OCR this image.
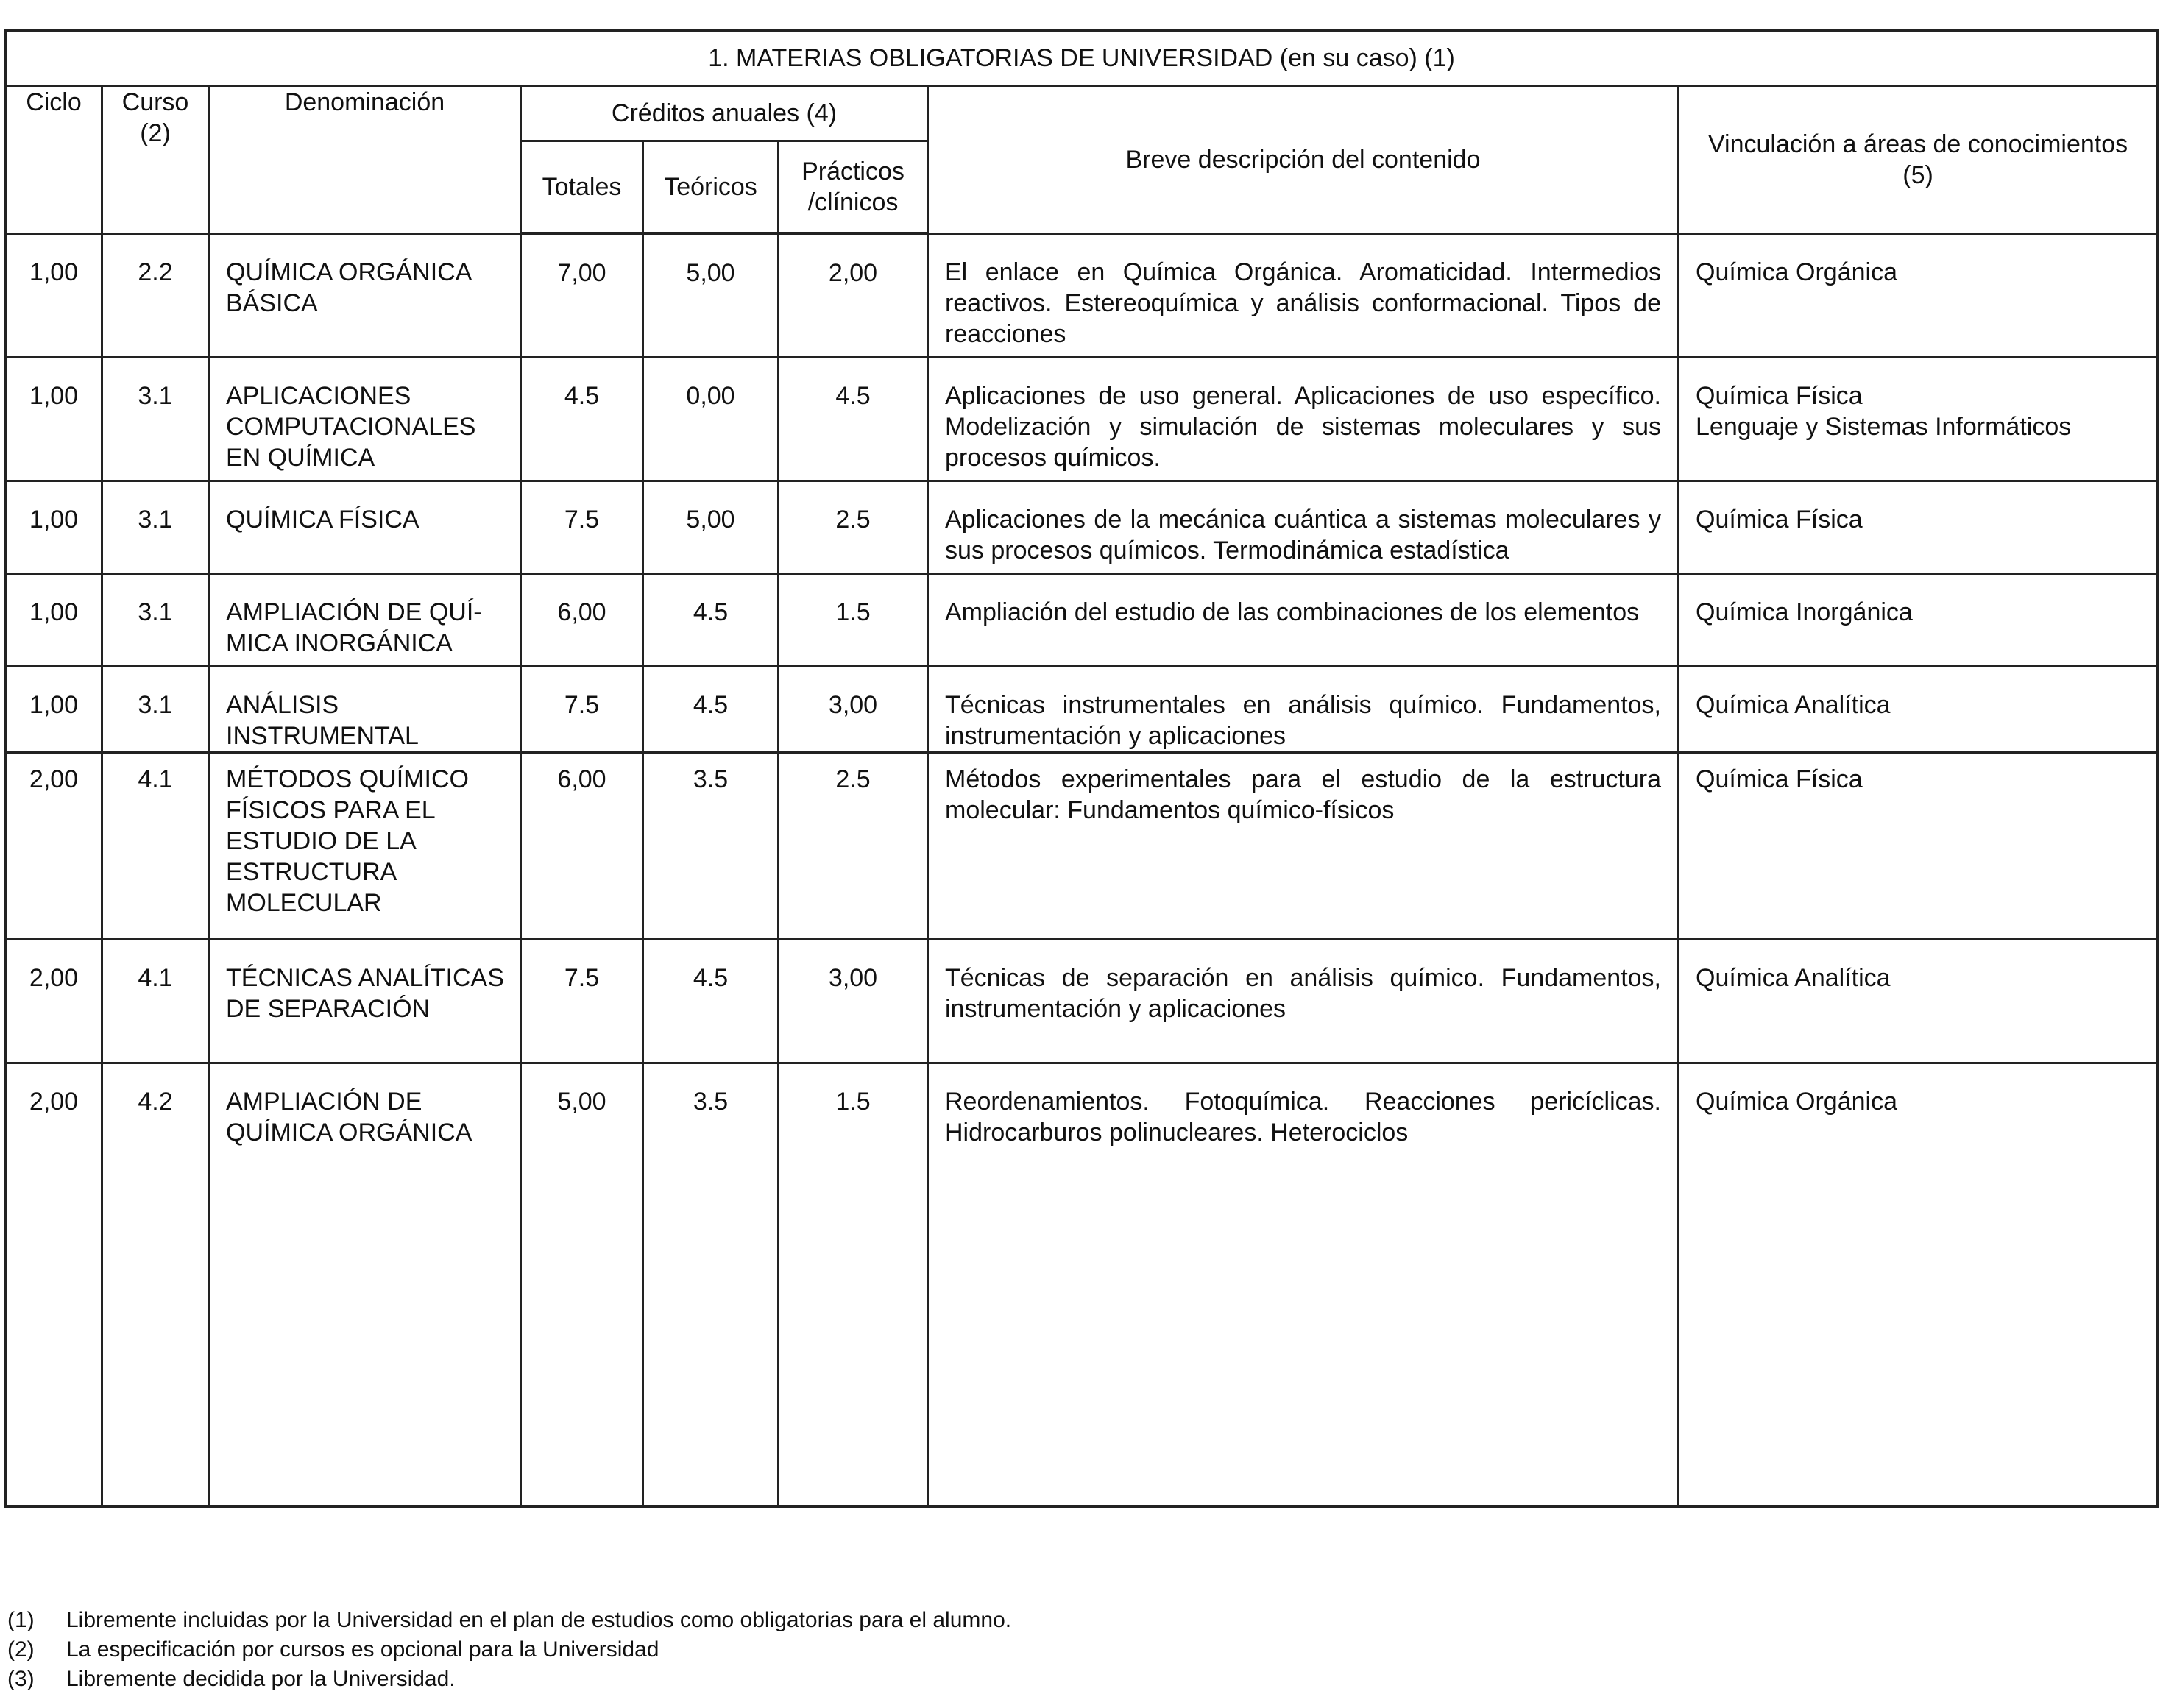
1. MATERIAS OBLIGATORIAS DE UNIVERSIDAD (en su caso) (1)							
Ciclo	Curso (2)	Denominación	Créditos anuales (4)			Breve descripción del contenido	Vinculación a áreas de conocimientos (5)
			Totales	Teóricos	Prácticos /clínicos		
1,00	2.2	QUÍMICA ORGÁNICA BÁSICA	7,00	5,00	2,00	El enlace en Química Orgánica. Aromaticidad. Intermedios reactivos. Estereoquímica y análisis conformacional. Tipos de reacciones	Química Orgánica
1,00	3.1	APLICACIONES COMPUTACIONALES EN QUÍMICA	4.5	0,00	4.5	Aplicaciones de uso general. Aplicaciones de uso específico. Modelización y simulación de sistemas moleculares y sus procesos químicos.	Química Física
Lenguaje y Sistemas Informáticos
1,00	3.1	QUÍMICA FÍSICA	7.5	5,00	2.5	Aplicaciones de la mecánica cuántica a sistemas moleculares y sus procesos químicos. Termodinámica estadística	Química Física
1,00	3.1	AMPLIACIÓN DE QUÍ-MICA INORGÁNICA	6,00	4.5	1.5	Ampliación del estudio de las combinaciones de los elementos	Química Inorgánica
1,00	3.1	ANÁLISIS INSTRUMENTAL	7.5	4.5	3,00	Técnicas instrumentales en análisis químico. Fundamentos, instrumentación y aplicaciones	Química Analítica
2,00	4.1	MÉTODOS QUÍMICO FÍSICOS PARA EL ESTUDIO DE LA ESTRUCTURA MOLECULAR	6,00	3.5	2.5	Métodos experimentales para el estudio de la estructura molecular: Fundamentos químico-físicos	Química Física
2,00	4.1	TÉCNICAS ANALÍTICAS DE SEPARACIÓN	7.5	4.5	3,00	Técnicas de separación en análisis químico. Fundamentos, instrumentación y aplicaciones	Química Analítica
2,00	4.2	AMPLIACIÓN DE QUÍMICA ORGÁNICA	5,00	3.5	1.5	Reordenamientos. Fotoquímica. Reacciones pericíclicas. Hidrocarburos polinucleares. Heterociclos	Química Orgánica
(1)	Libremente incluidas por la Universidad en el plan de estudios como obligatorias para el alumno.
(2)	La especificación por cursos es opcional para la Universidad
(3)	Libremente decidida por la Universidad.
